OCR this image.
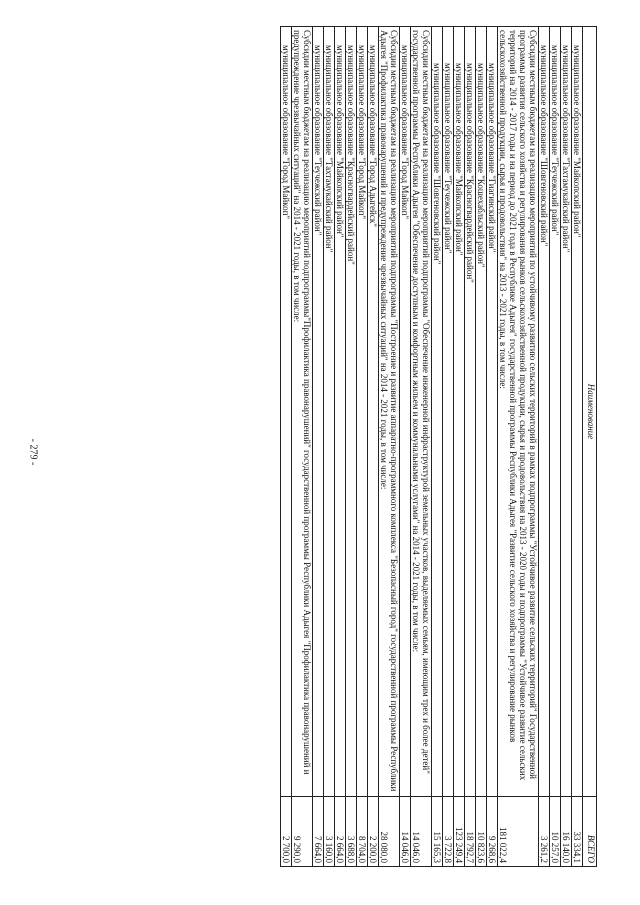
- 279 -
Наименование	ВСЕГО
муниципальное образование "Майкопский район"	33 334,1
муниципальное образование "Тахтамукайский район"	16 140,0
муниципальное образование "Теучежский район"	10 257,0
муниципальное образование "Шовгеновский район"	3 261,2
Субсидии местным бюджетам на реализацию мероприятий по устойчивому развитию сельских территорий в рамках подпрограммы "Устойчивое развитие сельских территорий" Государственной программы развития сельского хозяйства и регулирования рынков сельскохозяйственной продукции, сырья и продовольствия на 2013 - 2020 годы и подпрограммы "Устойчивое развитие сельских территорий на 2014 - 2017 годы и на период до 2021 года в Республике Адыгея" государственной программы Республики Адыгея "Развитие сельского хозяйства и регулирование рынков сельскохозяйственной продукции, сырья и продовольствия" на 2013 - 2021 годы, в том числе:	181 022,4
муниципальное образование "Гиагинский район"	9 268,6
муниципальное образование "Кошехабльский район"	10 823,6
муниципальное образование "Красногвардейский район"	18 792,7
муниципальное образование "Майкопский район"	123 249,4
муниципальное образование "Теучежский район"	3 722,8
муниципальное образование "Шовгеновский район"	15 165,3
Субсидии местным бюджетам на реализацию мероприятий подпрограммы "Обеспечение инженерной инфраструктурой земельных участков, выделяемых семьям, имеющим трех и более детей" государственной программы Республики Адыгея "Обеспечение доступным и комфортным жильем и коммунальными услугами" на 2014 - 2021 годы, в том числе:	14 046,0
муниципальное образование "Город Майкоп"	14 046,0
Субсидии местным бюджетам на реализацию мероприятий подпрограммы "Построение и развитие аппаратно-программного комплекса "Безопасный город" государственной программы Республики Адыгея "Профилактика правонарушений и предупреждение чрезвычайных ситуаций" на 2014 - 2021 годы, в том числе:	28 080,0
муниципальное образование "Город Адыгейск"	2 200,0
муниципальное образование "Город Майкоп"	8 704,0
муниципальное образование "Красногвардейский район"	3 688,0
муниципальное образование "Майкопский район"	2 664,0
муниципальное образование "Тахтамукайский район"	3 160,0
муниципальное образование "Теучежский район"	7 664,0
Субсидии местным бюджетам на реализацию мероприятий подпрограммы"Профилактика правонарушений" государственной программы Республики Адыгея "Профилактика правонарушений и предупреждение чрезвычайных ситуаций" на 2014 - 2021 годы, в том числе:	9 290,0
муниципальное образование "Город Майкоп"	2 700,0
